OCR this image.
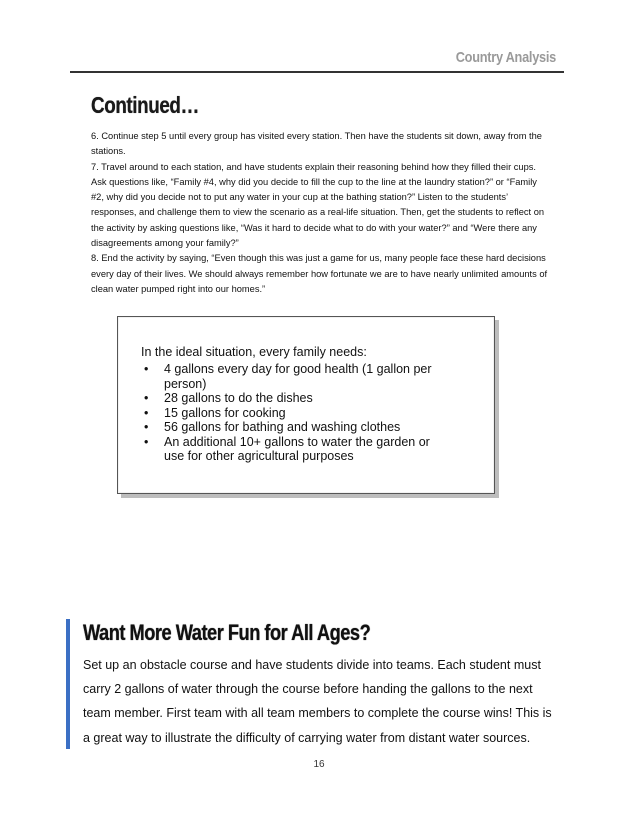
Country Analysis
Continued…

6. Continue step 5 until every group has visited every station. Then have the students sit down, away from the stations.

7. Travel around to each station, and have students explain their reasoning behind how they filled their cups. Ask questions like, “Family #4, why did you decide to fill the cup to the line at the laundry station?” or “Family #2, why did you decide not to put any water in your cup at the bathing station?” Listen to the students’ responses, and challenge them to view the scenario as a real-life situation. Then, get the students to reflect on the activity by asking questions like, “Was it hard to decide what to do with your water?” and “Were there any disagreements among your family?”

8. End the activity by saying, “Even though this was just a game for us, many people face these hard decisions every day of their lives. We should always remember how fortunate we are to have nearly unlimited amounts of clean water pumped right into our homes.”

In the ideal situation, every family needs:
• 4 gallons every day for good health (1 gallon per person)
• 28 gallons to do the dishes
• 15 gallons for cooking
• 56 gallons for bathing and washing clothes
• An additional 10+ gallons to water the garden or use for other agricultural purposes
Want More Water Fun for All Ages?
Set up an obstacle course and have students divide into teams. Each student must carry 2 gallons of water through the course before handing the gallons to the next team member. First team with all team members to complete the course wins! This is a great way to illustrate the difficulty of carrying water from distant water sources.
16
